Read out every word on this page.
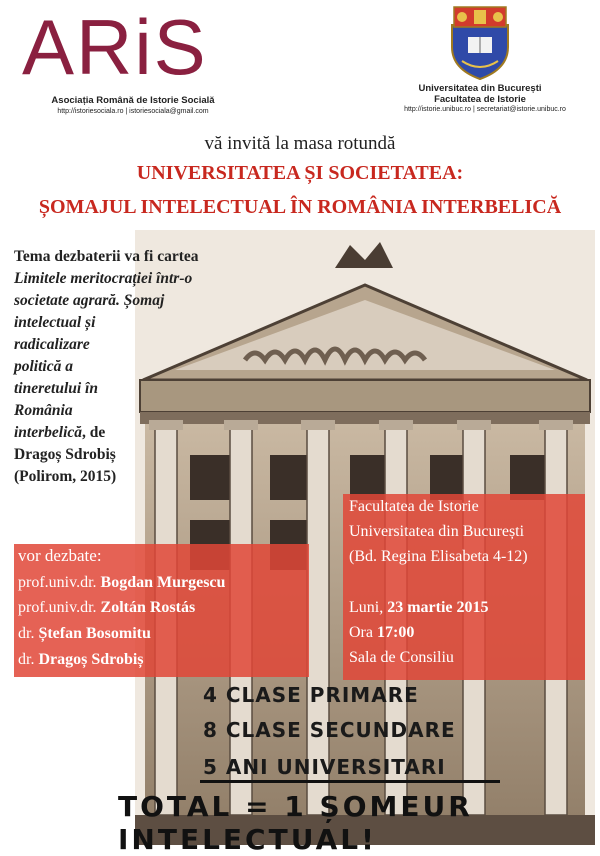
ARiS
Asociația Română de Istorie Socială
http://istoriesociala.ro | istoriesociala@gmail.com
Universitatea din București
Facultatea de Istorie
http://istorie.unibuc.ro | secretariat@istorie.unibuc.ro
vă invită la masa rotundă
UNIVERSITATEA ȘI SOCIETATEA:
ȘOMAJUL INTELECTUAL ÎN ROMÂNIA INTERBELICĂ
Tema dezbaterii va fi cartea
Limitele meritocrației într-o
societate agrară. Șomaj
intelectual și
radicalizare
politică a
tineretului în
România
interbelică, de
Dragoș Sdrobiș
(Polirom, 2015)
vor dezbate:
prof.univ.dr. Bogdan Murgescu
prof.univ.dr. Zoltán Rostás
dr. Ștefan Bosomitu
dr. Dragoș Sdrobiș
Facultatea de Istorie
Universitatea din București
(Bd. Regina Elisabeta 4-12)
Luni, 23 martie 2015
Ora 17:00
Sala de Consiliu
4 CLASE PRIMARE
8 CLASE SECUNDARE
5 ANI UNIVERSITARI
TOTAL = 1 ȘOMEUR INTELECTUAL!
